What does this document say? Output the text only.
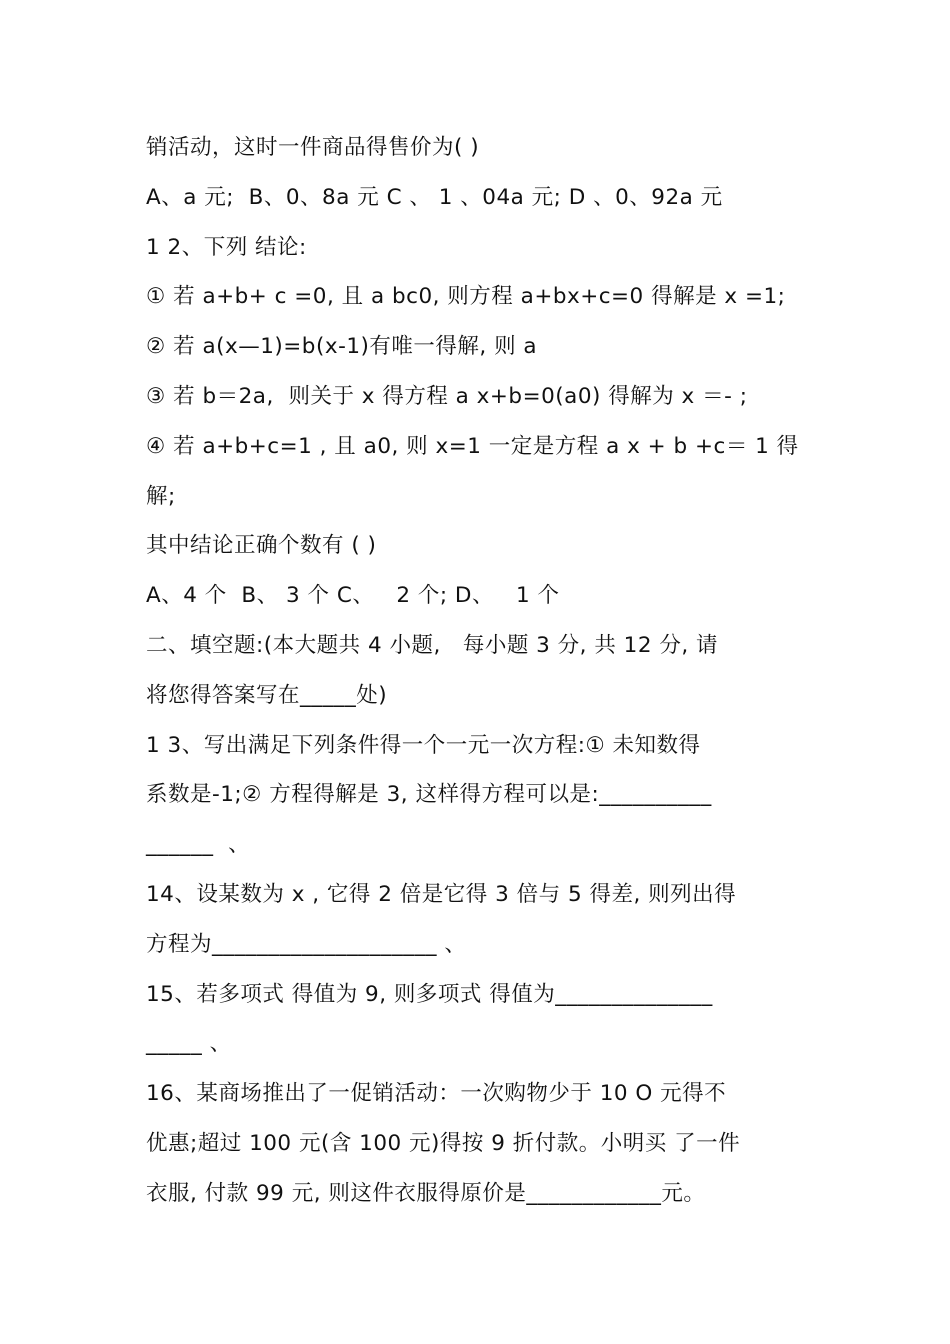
销活动，这时一件商品得售价为( )
A、a 元;  B、0、8a 元 C 、 1 、04a 元; D 、0、92a 元
1 2、下列 结论:
① 若 a+b+ c =0, 且 a bc0, 则方程 a+bx+c=0 得解是 x =1;
② 若 a(x—1)=b(x-1)有唯一得解, 则 a
③ 若 b＝2a,  则关于 x 得方程 a x+b=0(a0) 得解为 x ＝- ;
④ 若 a+b+c=1 , 且 a0, 则 x=1 一定是方程 a x + b +c＝ 1 得
解;
其中结论正确个数有 ( )
A、4 个  B、 3 个 C、   2 个; D、   1 个
二、填空题:(本大题共 4 小题,   每小题 3 分, 共 12 分, 请
将您得答案写在_____处)
1 3、写出满足下列条件得一个一元一次方程:① 未知数得
系数是-1;② 方程得解是 3, 这样得方程可以是:__________
______  、
14、设某数为 x , 它得 2 倍是它得 3 倍与 5 得差, 则列出得
方程为____________________ 、
15、若多项式 得值为 9, 则多项式 得值为______________
_____ 、
16、某商场推出了一促销活动：一次购物少于 10 O 元得不
优惠;超过 100 元(含 100 元)得按 9 折付款。小明买 了一件
衣服, 付款 99 元, 则这件衣服得原价是____________元。
